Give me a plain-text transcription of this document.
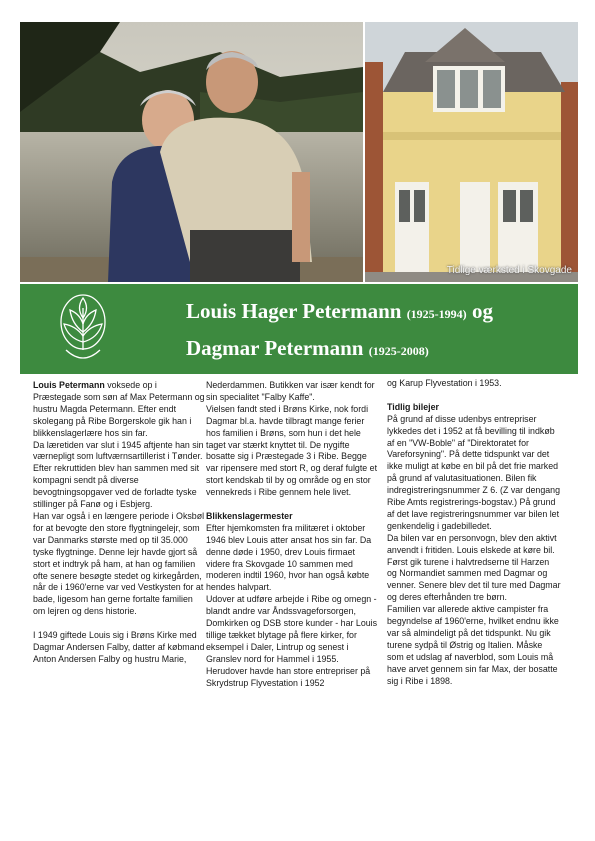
Tidlige værksted i Skovgade
Louis Hager Petermann (1925-1994) og
Dagmar Petermann (1925-2008)

Louis Petermann voksede op i Præstegade som søn af Max Petermann og hustru Magda Petermann. Efter endt skolegang på Ribe Borgerskole gik han i blikkenslagerlære hos sin far.

Da læretiden var slut i 1945 aftjente han sin værnepligt som luftværnsartillerist i Tønder. Efter rekruttiden blev han sammen med sit kompagni sendt på diverse bevogtningsopgaver ved de forladte tyske stillinger på Fanø og i Esbjerg.

Han var også i en længere periode i Oksbøl for at bevogte den store flygtningelejr, som var Danmarks største med op til 35.000 tyske flygtninge. Denne lejr havde gjort så stort et indtryk på ham, at han og familien ofte senere besøgte stedet og kirkegården, når de i 1960'erne var ved Vestkysten for at bade, ligesom han gerne fortalte familien om lejren og dens historie.

I 1949 giftede Louis sig i Brøns Kirke med Dagmar Andersen Falby, datter af købmand Anton Andersen Falby og hustru Marie,

Nederdammen. Butikken var især kendt for sin specialitet "Falby Kaffe".

Vielsen fandt sted i Brøns Kirke, nok fordi Dagmar bl.a. havde tilbragt mange ferier hos familien i Brøns, som hun i det hele taget var stærkt knyttet til. De nygifte bosatte sig i Præstegade 3 i Ribe. Begge var ripensere med stort R, og deraf fulgte et stort kendskab til by og område og en stor vennekreds i Ribe gennem hele livet.

Blikkenslagermester

Efter hjemkomsten fra militæret i oktober 1946 blev Louis atter ansat hos sin far. Da denne døde i 1950, drev Louis firmaet videre fra Skovgade 10 sammen med moderen indtil 1960, hvor han også købte hendes halvpart.

Udover at udføre arbejde i Ribe og omegn - blandt andre var Åndssvageforsorgen, Domkirken og DSB store kunder - har Louis tillige tækket blytage på flere kirker, for eksempel i Daler, Lintrup og senest i Granslev nord for Hammel i 1955.

Herudover havde han store entrepriser på Skrydstrup Flyvestation i 1952

og Karup Flyvestation i 1953.

Tidlig bilejer

På grund af disse udenbys entrepriser lykkedes det i 1952 at få bevilling til indkøb af en "VW-Boble" af "Direktoratet for Vareforsyning". På dette tidspunkt var det ikke muligt at købe en bil på det frie marked på grund af valutasituationen. Bilen fik indregistreringsnummer Z 6. (Z var dengang Ribe Amts registrerings-bogstav.) På grund af det lave registreringsnummer var bilen let genkendelig i gadebilledet.

Da bilen var en personvogn, blev den aktivt anvendt i fritiden. Louis elskede at køre bil.

Først gik turene i halvtredserne til Harzen og Normandiet sammen med Dagmar og venner. Senere blev det til ture med Dagmar og deres efterhånden tre børn.

Familien var allerede aktive campister fra begyndelse af 1960'erne, hvilket endnu ikke var så almindeligt på det tidspunkt. Nu gik turene sydpå til Østrig og Italien. Måske som et udslag af naverblod, som Louis må have arvet gennem sin far Max, der bosatte sig i Ribe i 1898.
